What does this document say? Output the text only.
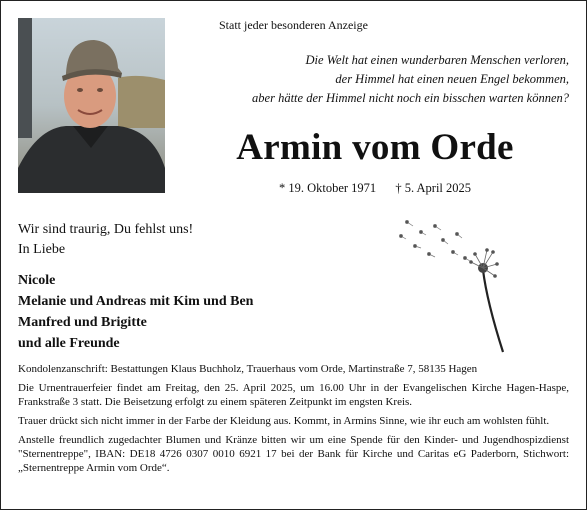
Statt jeder besonderen Anzeige
Die Welt hat einen wunderbaren Menschen verloren,
der Himmel hat einen neuen Engel bekommen,
aber hätte der Himmel nicht noch ein bisschen warten können?
Armin vom Orde
* 19. Oktober 1971 † 5. April 2025
Wir sind traurig, Du fehlst uns!
In Liebe
Nicole
Melanie und Andreas mit Kim und Ben
Manfred und Brigitte
und alle Freunde

Kondolenzanschrift: Bestattungen Klaus Buchholz, Trauerhaus vom Orde, Martinstraße 7, 58135 Hagen

Die Urnentrauerfeier findet am Freitag, den 25. April 2025, um 16.00 Uhr in der Evangelischen Kirche Hagen-Haspe, Frankstraße 3 statt. Die Beisetzung erfolgt zu einem späteren Zeitpunkt im engsten Kreis.

Trauer drückt sich nicht immer in der Farbe der Kleidung aus. Kommt, in Armins Sinne, wie ihr euch am wohlsten fühlt.

Anstelle freundlich zugedachter Blumen und Kränze bitten wir um eine Spende für den Kinder- und Jugendhospizdienst "Sternentreppe", IBAN: DE18 4726 0307 0010 6921 17 bei der Bank für Kirche und Caritas eG Paderborn, Stichwort: „Sternentreppe Armin vom Orde“.
